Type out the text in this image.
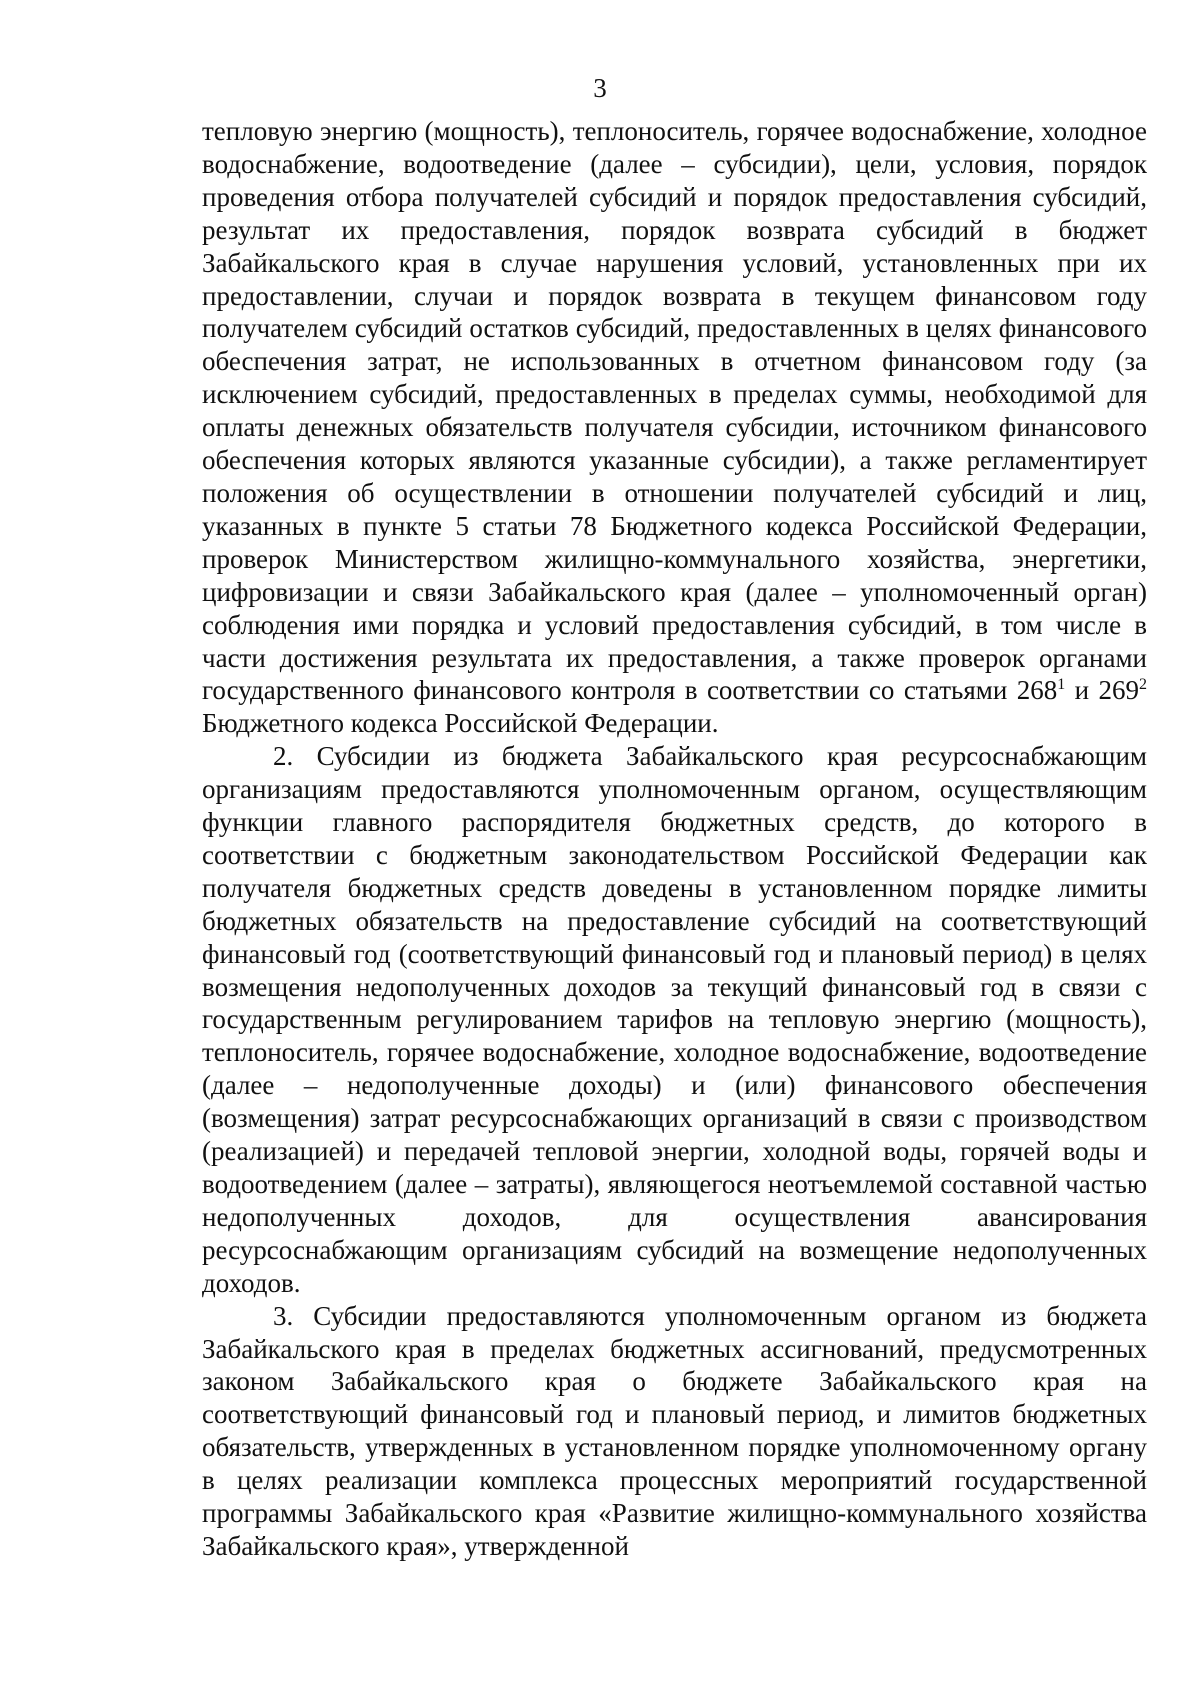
3

тепловую энергию (мощность), теплоноситель, горячее водоснабжение, холодное водоснабжение, водоотведение (далее – субсидии), цели, условия, порядок проведения отбора получателей субсидий и порядок предоставления субсидий, результат их предоставления, порядок возврата субсидий в бюджет Забайкальского края в случае нарушения условий, установленных при их предоставлении, случаи и порядок возврата в текущем финансовом году получателем субсидий остатков субсидий, предоставленных в целях финансового обеспечения затрат, не использованных в отчетном финансовом году (за исключением субсидий, предоставленных в пределах суммы, необходимой для оплаты денежных обязательств получателя субсидии, источником финансового обеспечения которых являются указанные субсидии), а также регламентирует положения об осуществлении в отношении получателей субсидий и лиц, указанных в пункте 5 статьи 78 Бюджетного кодекса Российской Федерации, проверок Министерством жилищно-коммунального хозяйства, энергетики, цифровизации и связи Забайкальского края (далее – уполномоченный орган) соблюдения ими порядка и условий предоставления субсидий, в том числе в части достижения результата их предоставления, а также проверок органами государственного финансового контроля в соответствии со статьями $268^1$ и $269^2$ Бюджетного кодекса Российской Федерации.

2. Субсидии из бюджета Забайкальского края ресурсоснабжающим организациям предоставляются уполномоченным органом, осуществляющим функции главного распорядителя бюджетных средств, до которого в соответствии с бюджетным законодательством Российской Федерации как получателя бюджетных средств доведены в установленном порядке лимиты бюджетных обязательств на предоставление субсидий на соответствующий финансовый год (соответствующий финансовый год и плановый период) в целях возмещения недополученных доходов за текущий финансовый год в связи с государственным регулированием тарифов на тепловую энергию (мощность), теплоноситель, горячее водоснабжение, холодное водоснабжение, водоотведение (далее – недополученные доходы) и (или) финансового обеспечения (возмещения) затрат ресурсоснабжающих организаций в связи с производством (реализацией) и передачей тепловой энергии, холодной воды, горячей воды и водоотведением (далее – затраты), являющегося неотъемлемой составной частью недополученных доходов, для осуществления авансирования ресурсоснабжающим организациям субсидий на возмещение недополученных доходов.

3. Субсидии предоставляются уполномоченным органом из бюджета Забайкальского края в пределах бюджетных ассигнований, предусмотренных законом Забайкальского края о бюджете Забайкальского края на соответствующий финансовый год и плановый период, и лимитов бюджетных обязательств, утвержденных в установленном порядке уполномоченному органу в целях реализации комплекса процессных мероприятий государственной программы Забайкальского края «Развитие жилищно-коммунального хозяйства Забайкальского края», утвержденной
